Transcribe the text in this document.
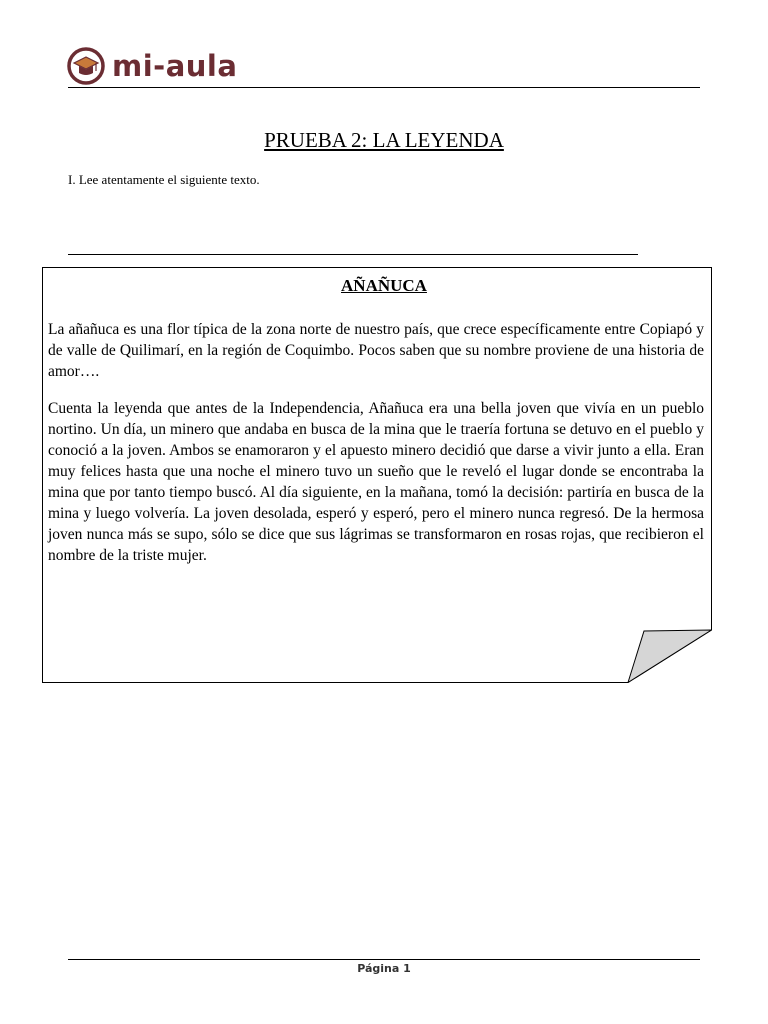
mi-aula
PRUEBA 2: LA LEYENDA
I. Lee atentamente el siguiente texto.
AÑAÑUCA

La añañuca es una flor típica de la zona norte de nuestro país, que crece específicamente entre Copiapó y de valle de Quilimarí, en la región de Coquimbo. Pocos saben que su nombre proviene de una historia de amor….

Cuenta la leyenda que antes de la Independencia, Añañuca era una bella joven que vivía en un pueblo nortino. Un día, un minero que andaba en busca de la mina que le traería fortuna se detuvo en el pueblo y conoció a la joven. Ambos se enamoraron y el apuesto minero decidió que darse a vivir junto a ella. Eran muy felices hasta que una noche el minero tuvo un sueño que le reveló el lugar donde se encontraba la mina que por tanto tiempo buscó. Al día siguiente, en la mañana, tomó la decisión: partiría en busca de la mina y luego volvería. La joven desolada, esperó y esperó, pero el minero nunca regresó. De la hermosa joven nunca más se supo, sólo se dice que sus lágrimas se transformaron en rosas rojas, que recibieron el nombre de la triste mujer.

Página 1
